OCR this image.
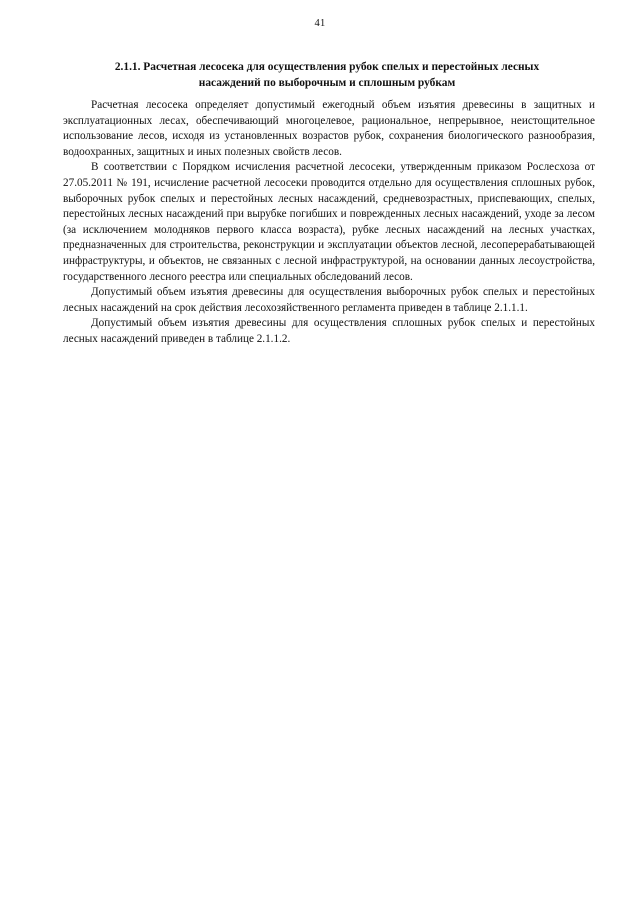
41
2.1.1. Расчетная лесосека для осуществления рубок спелых и перестойных лесных
насаждений по выборочным и сплошным рубкам

Расчетная лесосека определяет допустимый ежегодный объем изъятия древесины в защитных и эксплуатационных лесах, обеспечивающий многоцелевое, рациональное, непрерывное, неистощительное использование лесов, исходя из установленных возрастов рубок, сохранения биологического разнообразия, водоохранных, защитных и иных полезных свойств лесов.

В соответствии с Порядком исчисления расчетной лесосеки, утвержденным приказом Рослесхоза от 27.05.2011 № 191, исчисление расчетной лесосеки проводится отдельно для осуществления сплошных рубок, выборочных рубок спелых и перестойных лесных насаждений, средневозрастных, приспевающих, спелых, перестойных лесных насаждений при вырубке погибших и поврежденных лесных насаждений, уходе за лесом (за исключением молодняков первого класса возраста), рубке лесных насаждений на лесных участках, предназначенных для строительства, реконструкции и эксплуатации объектов лесной, лесоперерабатывающей инфраструктуры, и объектов, не связанных с лесной инфраструктурой, на основании данных лесоустройства, государственного лесного реестра или специальных обследований лесов.

Допустимый объем изъятия древесины для осуществления выборочных рубок спелых и перестойных лесных насаждений на срок действия лесохозяйственного регламента приведен в таблице 2.1.1.1.

Допустимый объем изъятия древесины для осуществления сплошных рубок спелых и перестойных лесных насаждений приведен в таблице 2.1.1.2.
